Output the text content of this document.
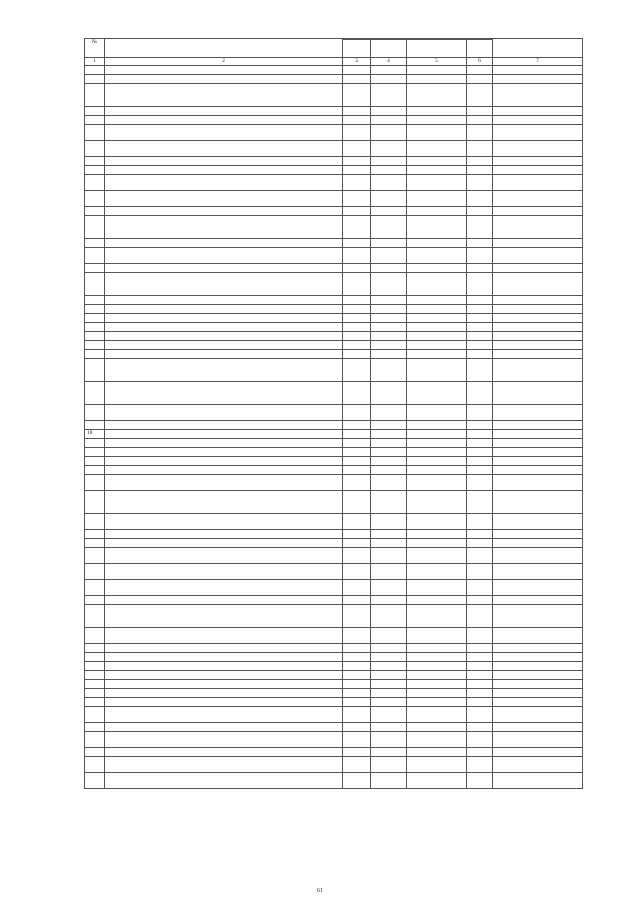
№						

1	2	3	4	5	6	7

18						

61
